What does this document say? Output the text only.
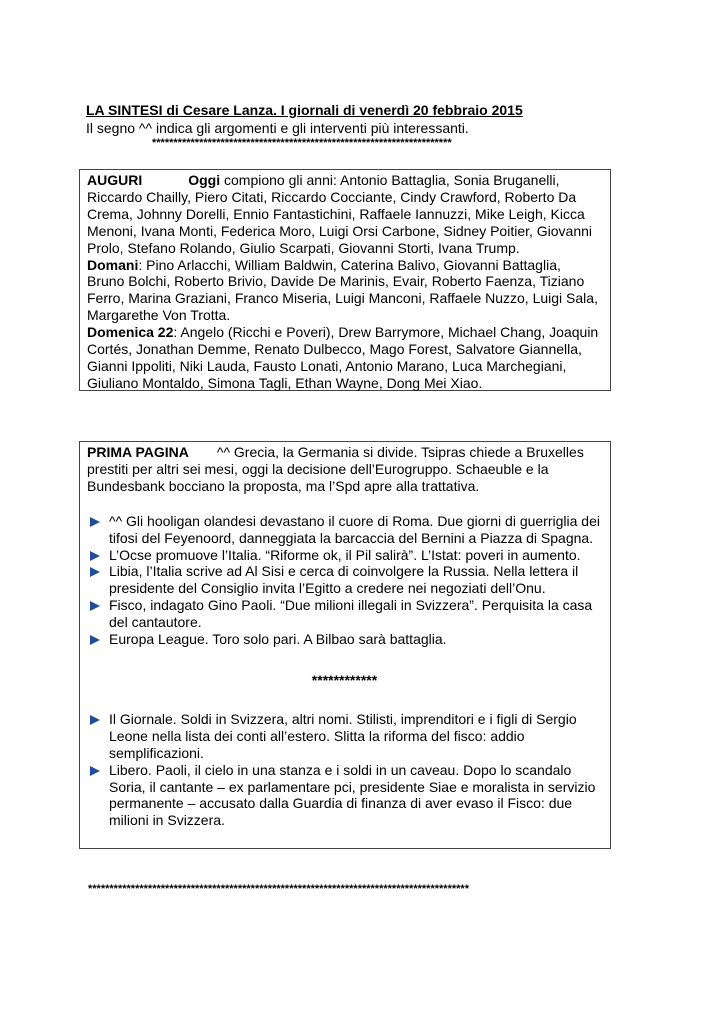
LA SINTESI di Cesare Lanza. I giornali di venerdì 20 febbraio 2015
Il segno ^^ indica gli argomenti e gli interventi più interessanti.
**********************************************************************

AUGURI	Oggi compiono gli anni: Antonio Battaglia, Sonia Bruganelli, Riccardo Chailly, Piero Citati, Riccardo Cocciante, Cindy Crawford, Roberto Da Crema, Johnny Dorelli, Ennio Fantastichini, Raffaele Iannuzzi, Mike Leigh, Kicca Menoni, Ivana Monti, Federica Moro, Luigi Orsi Carbone, Sidney Poitier, Giovanni Prolo, Stefano Rolando, Giulio Scarpati, Giovanni Storti, Ivana Trump.

Domani: Pino Arlacchi, William Baldwin, Caterina Balivo, Giovanni Battaglia, Bruno Bolchi, Roberto Brivio, Davide De Marinis, Evair, Roberto Faenza, Tiziano Ferro, Marina Graziani, Franco Miseria, Luigi Manconi, Raffaele Nuzzo, Luigi Sala, Margarethe Von Trotta.

Domenica 22: Angelo (Ricchi e Poveri), Drew Barrymore, Michael Chang, Joaquin Cortés, Jonathan Demme, Renato Dulbecco, Mago Forest, Salvatore Giannella, Gianni Ippoliti, Niki Lauda, Fausto Lonati, Antonio Marano, Luca Marchegiani, Giuliano Montaldo, Simona Tagli, Ethan Wayne, Dong Mei Xiao.

PRIMA PAGINA ^^ Grecia, la Germania si divide. Tsipras chiede a Bruxelles prestiti per altri sei mesi, oggi la decisione dell’Eurogruppo. Schaeuble e la Bundesbank bocciano la proposta, ma l’Spd apre alla trattativa.

^^ Gli hooligan olandesi devastano il cuore di Roma. Due giorni di guerriglia dei tifosi del Feyenoord, danneggiata la barcaccia del Bernini a Piazza di Spagna.
L’Ocse promuove l’Italia. “Riforme ok, il Pil salirà”. L’Istat: poveri in aumento.
Libia, l’Italia scrive ad Al Sisi e cerca di coinvolgere la Russia. Nella lettera il presidente del Consiglio invita l’Egitto a credere nei negoziati dell’Onu.
Fisco, indagato Gino Paoli. “Due milioni illegali in Svizzera”. Perquisita la casa del cantautore.
Europa League. Toro solo pari. A Bilbao sarà battaglia.

************

Il Giornale. Soldi in Svizzera, altri nomi. Stilisti, imprenditori e i figli di Sergio Leone nella lista dei conti all’estero. Slitta la riforma del fisco: addio semplificazioni.
Libero. Paoli, il cielo in una stanza e i soldi in un caveau. Dopo lo scandalo Soria, il cantante – ex parlamentare pci, presidente Siae e moralista in servizio permanente – accusato dalla Guardia di finanza di aver evaso il Fisco: due milioni in Svizzera.
*****************************************************************************************
